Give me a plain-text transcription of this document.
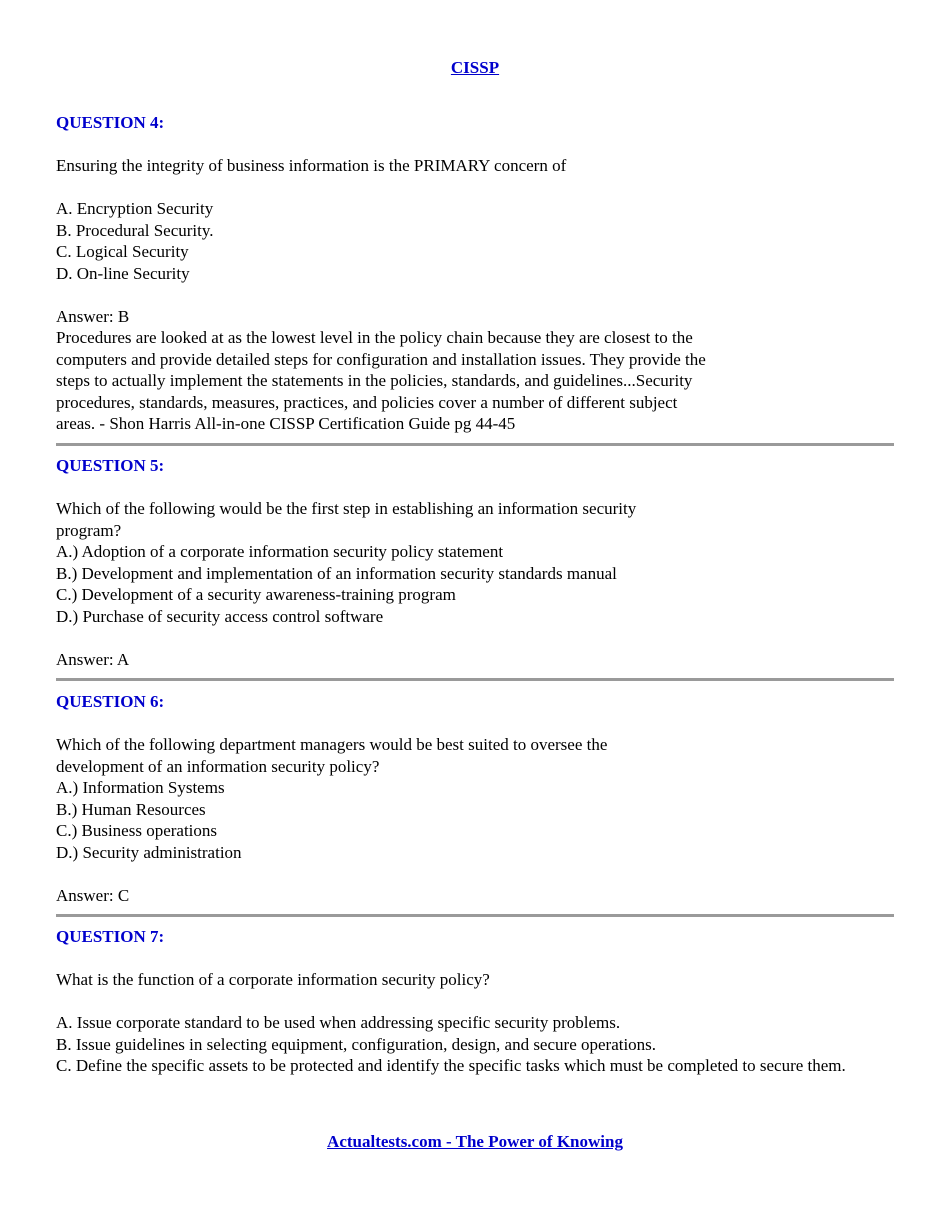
CISSP

QUESTION 4:

Ensuring the integrity of business information is the PRIMARY concern of

A. Encryption Security

B. Procedural Security.

C. Logical Security

D. On-line Security

Answer: B

Procedures are looked at as the lowest level in the policy chain because they are closest to the

computers and provide detailed steps for configuration and installation issues. They provide the

steps to actually implement the statements in the policies, standards, and guidelines...Security

procedures, standards, measures, practices, and policies cover a number of different subject

areas. - Shon Harris All-in-one CISSP Certification Guide pg 44-45

QUESTION 5:

Which of the following would be the first step in establishing an information security

program?

A.) Adoption of a corporate information security policy statement

B.) Development and implementation of an information security standards manual

C.) Development of a security awareness-training program

D.) Purchase of security access control software

Answer: A

QUESTION 6:

Which of the following department managers would be best suited to oversee the

development of an information security policy?

A.) Information Systems

B.) Human Resources

C.) Business operations

D.) Security administration

Answer: C

QUESTION 7:

What is the function of a corporate information security policy?

A. Issue corporate standard to be used when addressing specific security problems.

B. Issue guidelines in selecting equipment, configuration, design, and secure operations.

C. Define the specific assets to be protected and identify the specific tasks which must be completed to secure them.

Actualtests.com - The Power of Knowing
